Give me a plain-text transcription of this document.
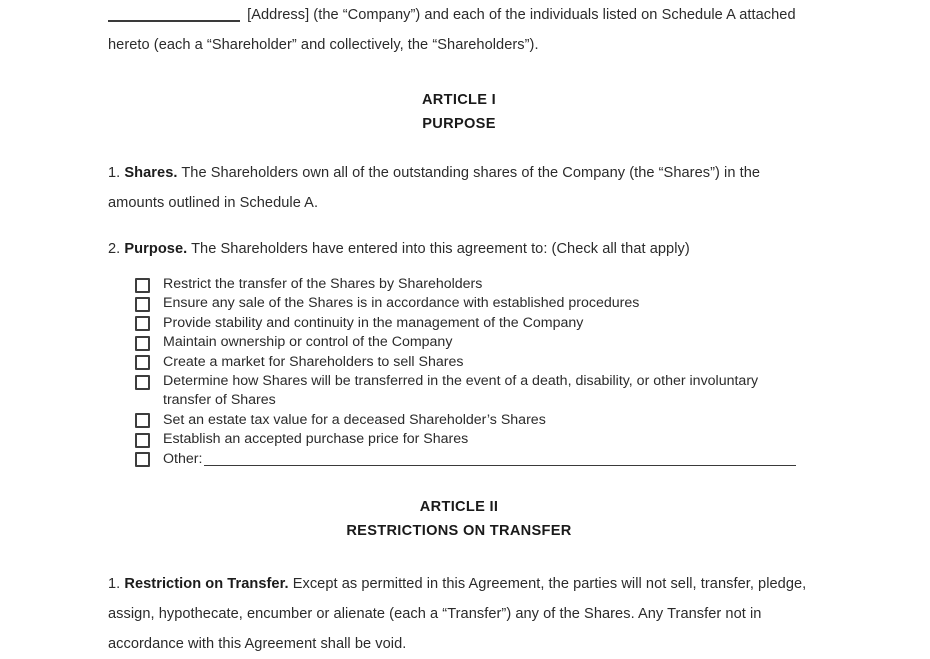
[Address] (the “Company”) and each of the individuals listed on Schedule A attached hereto (each a “Shareholder” and collectively, the “Shareholders”).
ARTICLE I
PURPOSE
1. Shares. The Shareholders own all of the outstanding shares of the Company (the “Shares”) in the amounts outlined in Schedule A.
2. Purpose. The Shareholders have entered into this agreement to: (Check all that apply)
Restrict the transfer of the Shares by Shareholders
Ensure any sale of the Shares is in accordance with established procedures
Provide stability and continuity in the management of the Company
Maintain ownership or control of the Company
Create a market for Shareholders to sell Shares
Determine how Shares will be transferred in the event of a death, disability, or other involuntary transfer of Shares
Set an estate tax value for a deceased Shareholder’s Shares
Establish an accepted purchase price for Shares
Other:
ARTICLE II
RESTRICTIONS ON TRANSFER
1. Restriction on Transfer. Except as permitted in this Agreement, the parties will not sell, transfer, pledge, assign, hypothecate, encumber or alienate (each a “Transfer”) any of the Shares. Any Transfer not in accordance with this Agreement shall be void.
